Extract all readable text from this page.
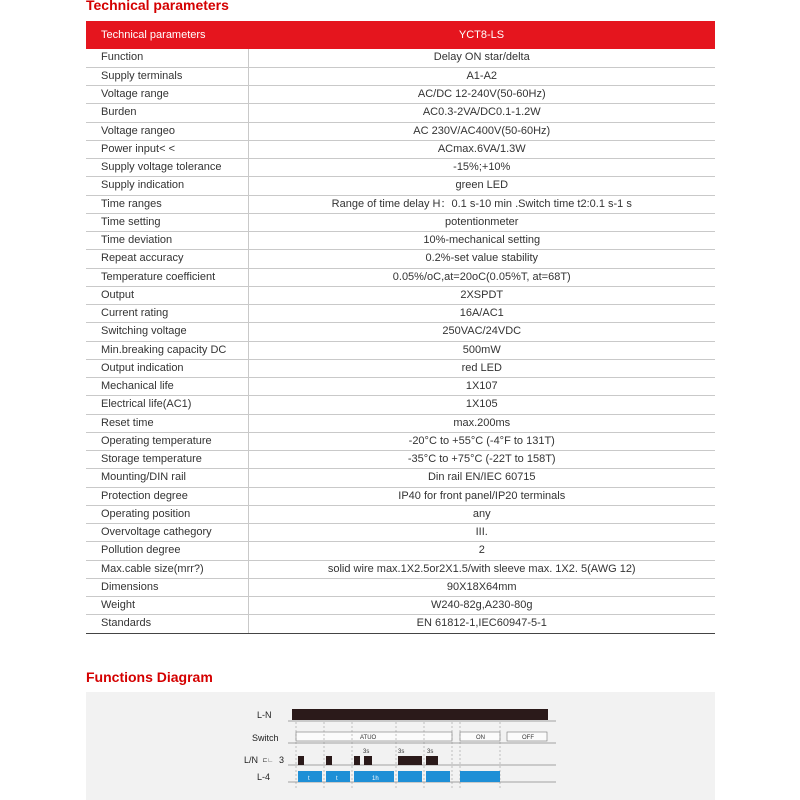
Technical parameters
Technical parameters	YCT8-LS
Function	Delay ON star/delta
Supply terminals	A1-A2
Voltage range	AC/DC 12-240V(50-60Hz)
Burden	AC0.3-2VA/DC0.1-1.2W
Voltage rangeo	AC 230V/AC400V(50-60Hz)
Power input< <	ACmax.6VA/1.3W
Supply voltage tolerance	-15%;+10%
Supply indication	green LED
Time ranges	Range of time delay H：0.1 s-10 min .Switch time t2:0.1 s-1 s
Time setting	potentionmeter
Time deviation	10%-mechanical setting
Repeat accuracy	0.2%-set value stability
Temperature coefficient	0.05%/oC,at=20oC(0.05%T, at=68T)
Output	2XSPDT
Current rating	16A/AC1
Switching voltage	250VAC/24VDC
Min.breaking capacity DC	500mW
Output indication	red LED
Mechanical life	1X107
Electrical life(AC1)	1X105
Reset time	max.200ms
Operating temperature	-20°C to +55°C (-4°F to 131T)
Storage temperature	-35°C to +75°C (-22T to 158T)
Mounting/DIN rail	Din rail EN/IEC 60715
Protection degree	IP40 for front panel/IP20 terminals
Operating position	any
Overvoltage cathegory	III.
Pollution degree	2
Max.cable size(mrr?)	solid wire max.1X2.5or2X1.5/with sleeve max. 1X2. 5(AWG 12)
Dimensions	90X18X64mm
Weight	W240-82g,A230-80g
Standards	EN 61812-1,IEC60947-5-1
Functions Diagram
L-N
Switch
L/N ⊏∟ 3
L-4
ATUO	ON	OFF
3s	3s	3s
t	t	1h
